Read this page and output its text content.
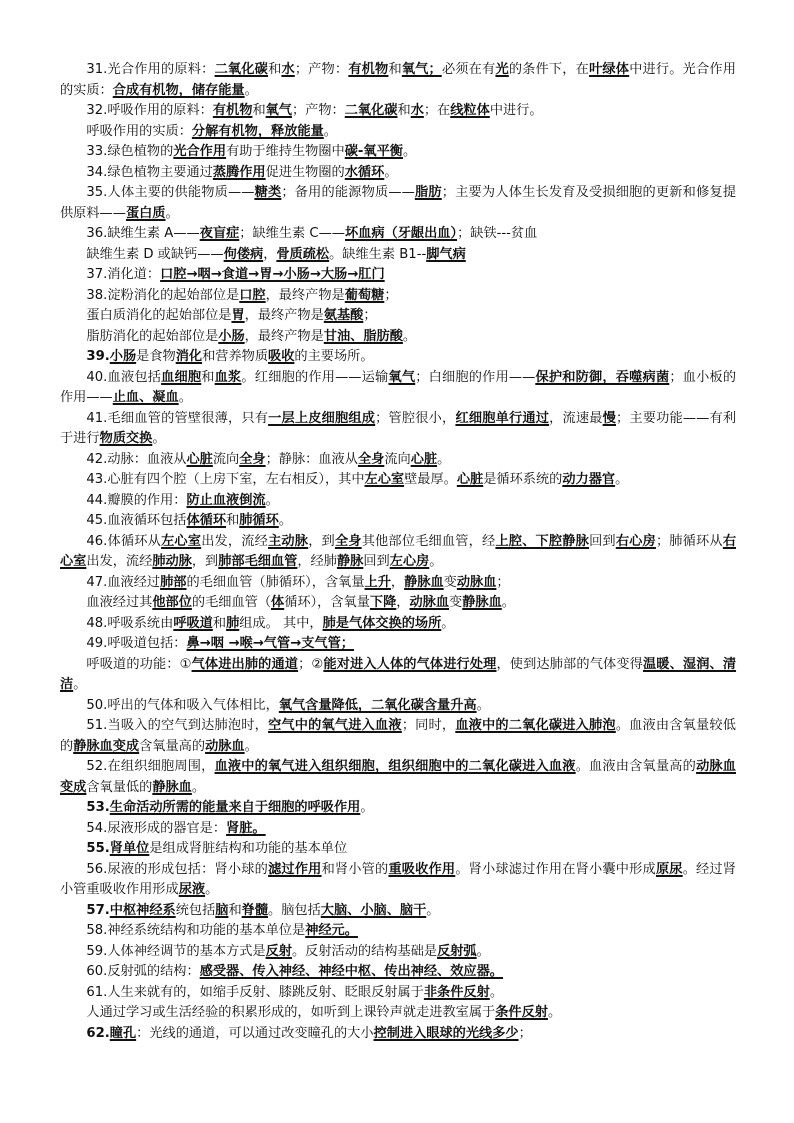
31.光合作用的原料：二氧化碳和水；产物：有机物和氧气；必须在有光的条件下，在叶绿体中进行。光合作用的实质：合成有机物，储存能量。

32.呼吸作用的原料：有机物和氧气；产物：二氧化碳和水；在线粒体中进行。

呼吸作用的实质：分解有机物，释放能量。

33.绿色植物的光合作用有助于维持生物圈中碳-氧平衡。

34.绿色植物主要通过蒸腾作用促进生物圈的水循环。

35.人体主要的供能物质——糖类；备用的能源物质——脂肪；主要为人体生长发育及受损细胞的更新和修复提供原料——蛋白质。

36.缺维生素 A——夜盲症；缺维生素 C——坏血病（牙龈出血）；缺铁---贫血

缺维生素 D 或缺钙——佝偻病，骨质疏松。缺维生素 B1--脚气病

37.消化道：口腔→咽→食道→胃→小肠→大肠→肛门

38.淀粉消化的起始部位是口腔，最终产物是葡萄糖；

蛋白质消化的起始部位是胃，最终产物是氨基酸；

脂肪消化的起始部位是小肠，最终产物是甘油、脂肪酸。

39.小肠是食物消化和营养物质吸收的主要场所。

40.血液包括血细胞和血浆。红细胞的作用——运输氧气；白细胞的作用——保护和防御，吞噬病菌；血小板的作用——止血、凝血。

41.毛细血管的管壁很薄，只有一层上皮细胞组成；管腔很小，红细胞单行通过，流速最慢；主要功能——有利于进行物质交换。

42.动脉：血液从心脏流向全身；静脉：血液从全身流向心脏。

43.心脏有四个腔（上房下室，左右相反），其中左心室壁最厚。心脏是循环系统的动力器官。

44.瓣膜的作用：防止血液倒流。

45.血液循环包括体循环和肺循环。

46.体循环从左心室出发，流经主动脉，到全身其他部位毛细血管，经上腔、下腔静脉回到右心房；肺循环从右心室出发，流经肺动脉，到肺部毛细血管，经肺静脉回到左心房。

47.血液经过肺部的毛细血管（肺循环），含氧量上升，静脉血变动脉血；

血液经过其他部位的毛细血管（体循环），含氧量下降，动脉血变静脉血。

48.呼吸系统由呼吸道和肺组成。 其中，肺是气体交换的场所。

49.呼吸道包括：鼻→咽 →喉→气管→支气管；

呼吸道的功能：①气体进出肺的通道；②能对进入人体的气体进行处理，使到达肺部的气体变得温暖、湿润、清洁。

50.呼出的气体和吸入气体相比，氧气含量降低，二氧化碳含量升高。

51.当吸入的空气到达肺泡时，空气中的氧气进入血液；同时，血液中的二氧化碳进入肺泡。血液由含氧量较低的静脉血变成含氧量高的动脉血。

52.在组织细胞周围，血液中的氧气进入组织细胞，组织细胞中的二氧化碳进入血液。血液由含氧量高的动脉血变成含氧量低的静脉血。

53.生命活动所需的能量来自于细胞的呼吸作用。

54.尿液形成的器官是：肾脏。

55.肾单位是组成肾脏结构和功能的基本单位

56.尿液的形成包括：肾小球的滤过作用和肾小管的重吸收作用。肾小球滤过作用在肾小囊中形成原尿。经过肾小管重吸收作用形成尿液。

57.中枢神经系统包括脑和脊髓。脑包括大脑、小脑、脑干。

58.神经系统结构和功能的基本单位是神经元。

59.人体神经调节的基本方式是反射。反射活动的结构基础是反射弧。

60.反射弧的结构：感受器、传入神经、神经中枢、传出神经、效应器。

61.人生来就有的，如缩手反射、膝跳反射、眨眼反射属于非条件反射。

人通过学习或生活经验的积累形成的，如听到上课铃声就走进教室属于条件反射。

62.瞳孔：光线的通道，可以通过改变瞳孔的大小控制进入眼球的光线多少；
